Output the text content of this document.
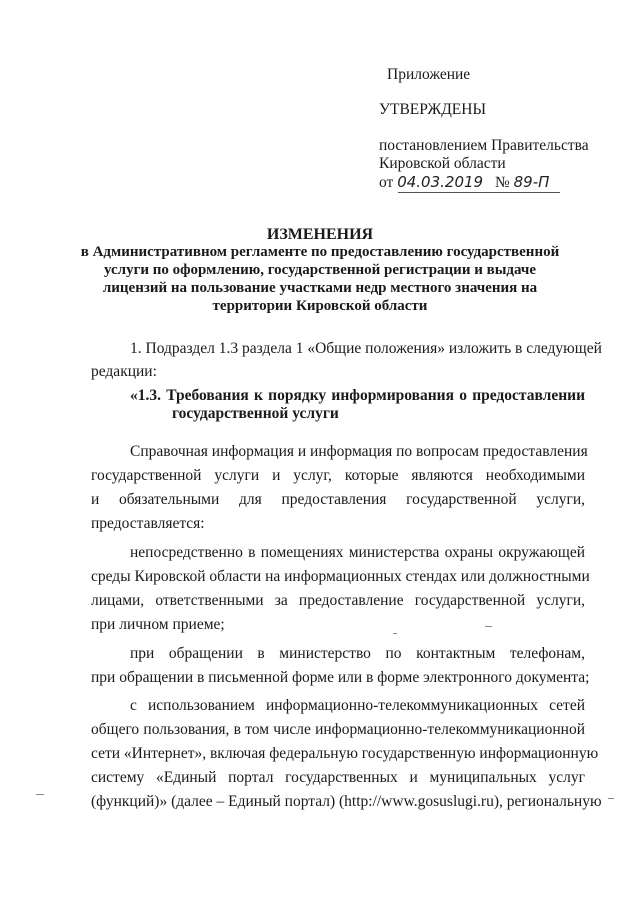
Приложение
УТВЕРЖДЕНЫ
постановлением Правительства
Кировской области
от 04.03.2019 № 89-П
ИЗМЕНЕНИЯ
в Административном регламенте по предоставлению государственной
услуги по оформлению, государственной регистрации и выдаче
лицензий на пользование участками недр местного значения на
территории Кировской области
1. Подраздел 1.3 раздела 1 «Общие положения» изложить в следующей
редакции:
«1.3. Требования к порядку информирования о предоставлении
государственной услуги
Справочная информация и информация по вопросам предоставления
государственной услуги и услуг, которые являются необходимыми
и обязательными для предоставления государственной услуги,
предоставляется:
непосредственно в помещениях министерства охраны окружающей
среды Кировской области на информационных стендах или должностными
лицами, ответственными за предоставление государственной услуги,
при личном приеме;
при обращении в министерство по контактным телефонам,
при обращении в письменной форме или в форме электронного документа;
с использованием информационно-телекоммуникационных сетей
общего пользования, в том числе информационно-телекоммуникационной
сети «Интернет», включая федеральную государственную информационную
систему «Единый портал государственных и муниципальных услуг
(функций)» (далее – Единый портал) (http://www.gosuslugi.ru), региональную
